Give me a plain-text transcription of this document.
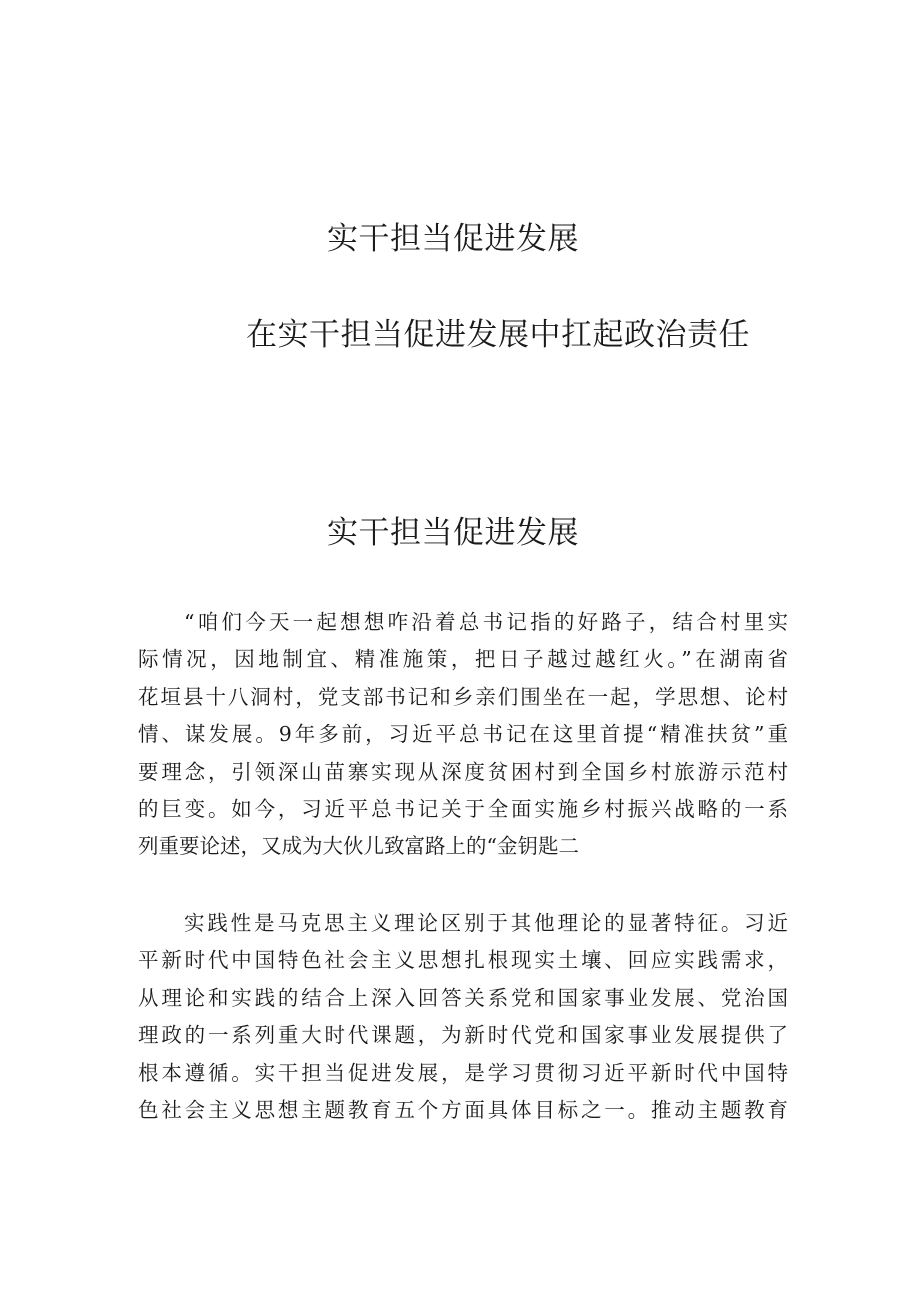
实干担当促进发展
在实干担当促进发展中扛起政治责任
实干担当促进发展
“咱们今天一起想想咋沿着总书记指的好路子，结合村里实
际情况，因地制宜、精准施策，把日子越过越红火。”在湖南省
花垣县十八洞村，党支部书记和乡亲们围坐在一起，学思想、论村
情、谋发展。9年多前，习近平总书记在这里首提“精准扶贫”重
要理念，引领深山苗寨实现从深度贫困村到全国乡村旅游示范村
的巨变。如今，习近平总书记关于全面实施乡村振兴战略的一系
列重要论述，又成为大伙儿致富路上的“金钥匙二
实践性是马克思主义理论区别于其他理论的显著特征。习近
平新时代中国特色社会主义思想扎根现实土壤、回应实践需求，
从理论和实践的结合上深入回答关系党和国家事业发展、党治国
理政的一系列重大时代课题，为新时代党和国家事业发展提供了
根本遵循。实干担当促进发展，是学习贯彻习近平新时代中国特
色社会主义思想主题教育五个方面具体目标之一。推动主题教育
